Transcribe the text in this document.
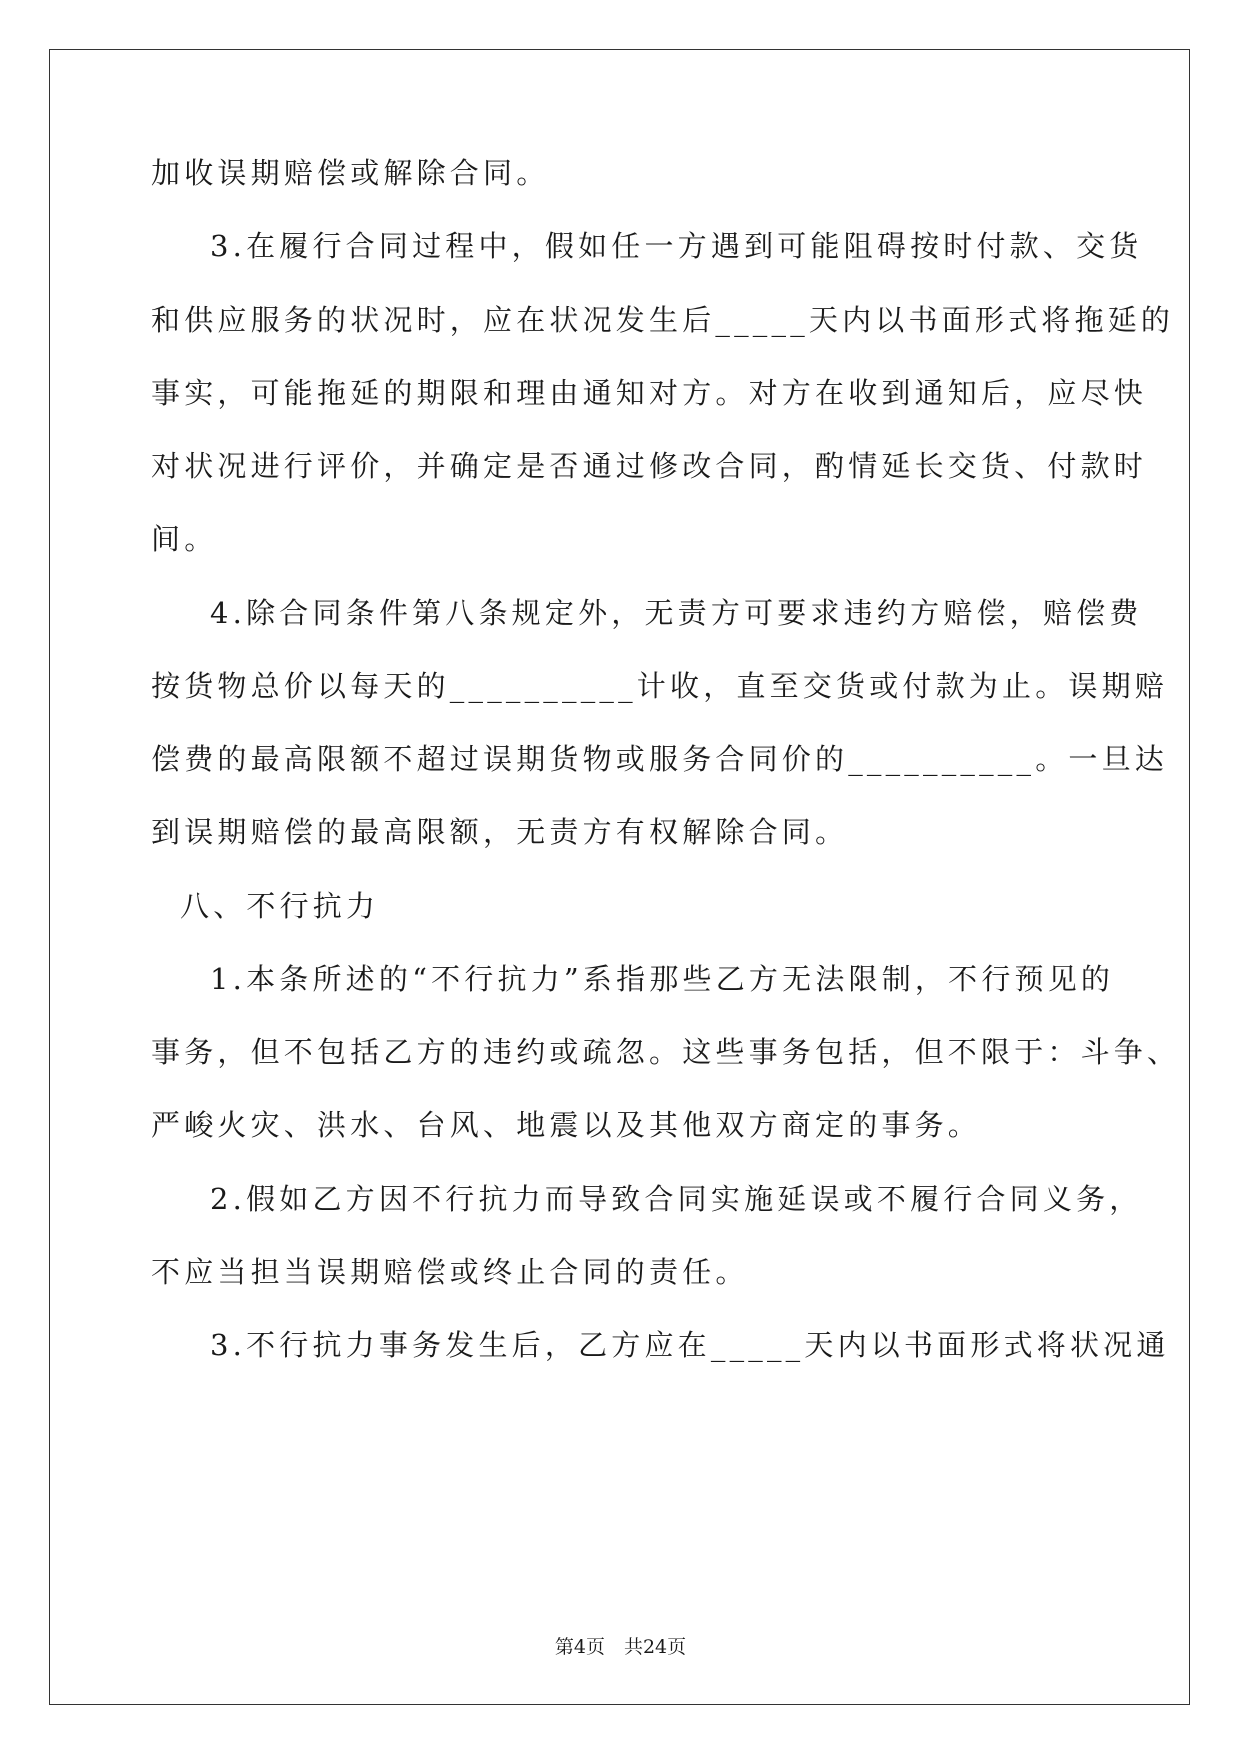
加收误期赔偿或解除合同。

3.在履行合同过程中，假如任一方遇到可能阻碍按时付款、交货

和供应服务的状况时，应在状况发生后_____天内以书面形式将拖延的

事实，可能拖延的期限和理由通知对方。对方在收到通知后，应尽快

对状况进行评价，并确定是否通过修改合同，酌情延长交货、付款时

间。

4.除合同条件第八条规定外，无责方可要求违约方赔偿，赔偿费

按货物总价以每天的__________计收，直至交货或付款为止。误期赔

偿费的最高限额不超过误期货物或服务合同价的__________。一旦达

到误期赔偿的最高限额，无责方有权解除合同。

八、不行抗力

1.本条所述的“不行抗力”系指那些乙方无法限制，不行预见的

事务，但不包括乙方的违约或疏忽。这些事务包括，但不限于：斗争、

严峻火灾、洪水、台风、地震以及其他双方商定的事务。

2.假如乙方因不行抗力而导致合同实施延误或不履行合同义务，

不应当担当误期赔偿或终止合同的责任。

3.不行抗力事务发生后，乙方应在_____天内以书面形式将状况通

第4页　共24页
